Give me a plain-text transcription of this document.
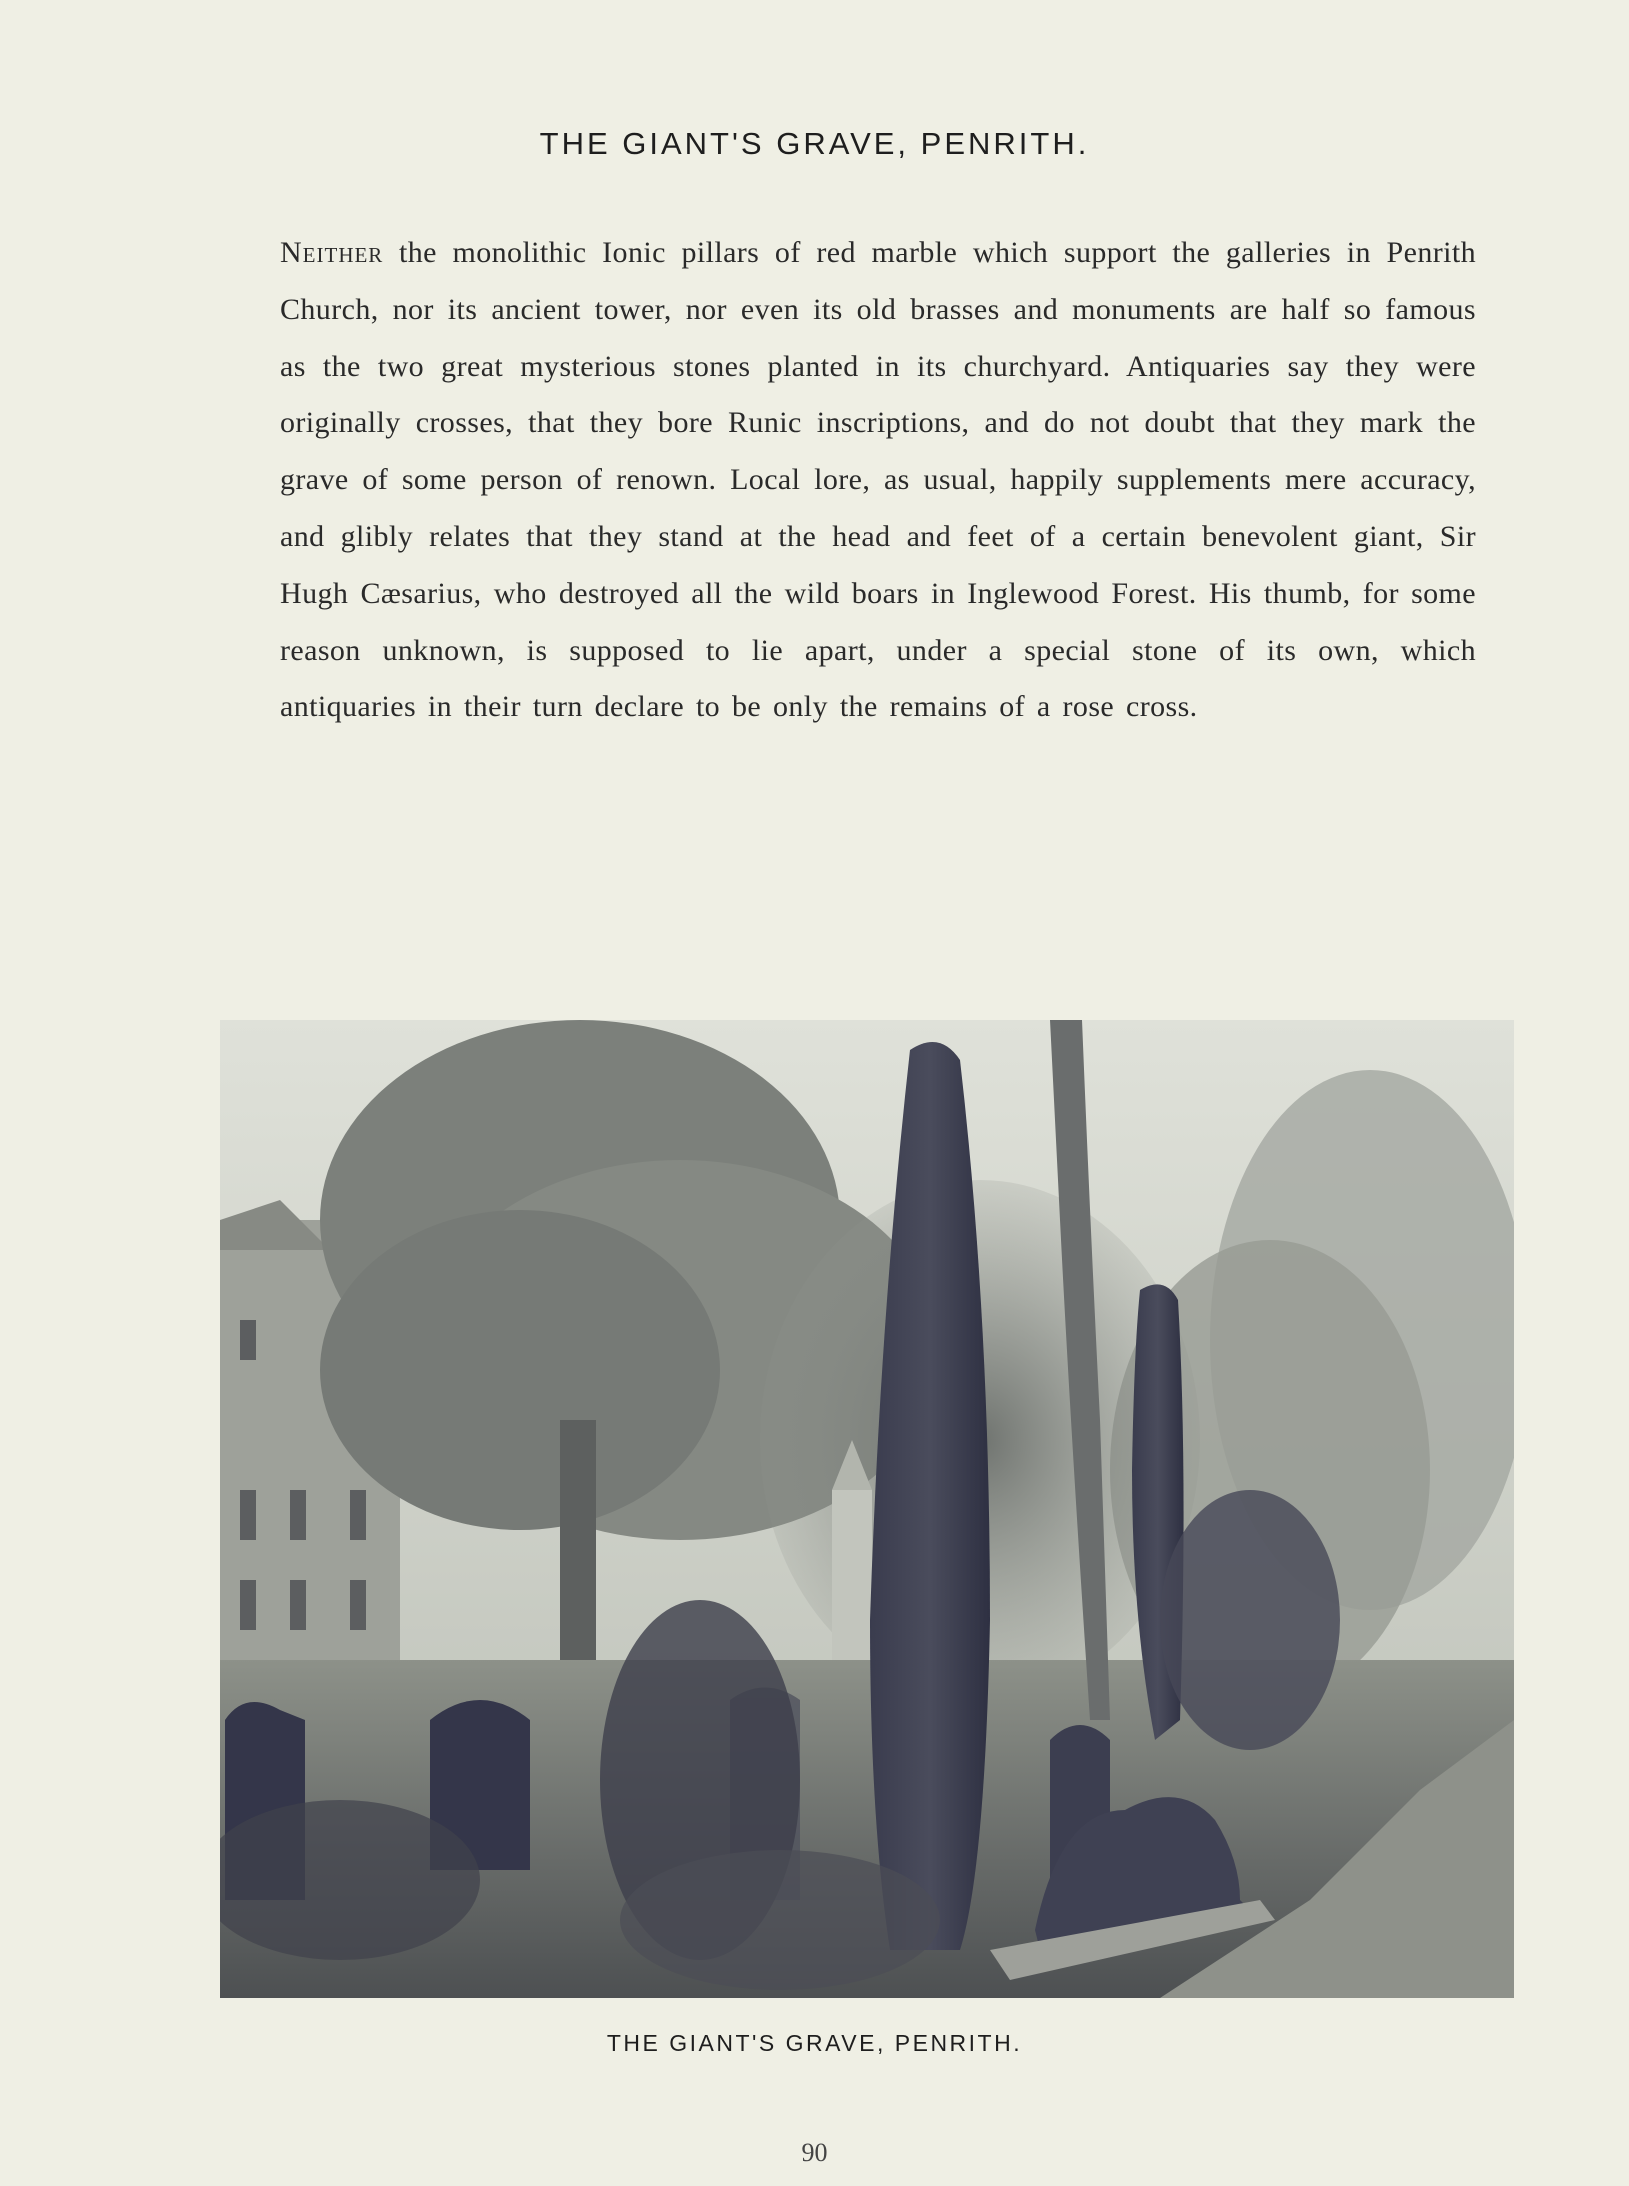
THE GIANT'S GRAVE, PENRITH.
Neither the monolithic Ionic pillars of red marble which support the galleries in Penrith Church, nor its ancient tower, nor even its old brasses and monuments are half so famous as the two great mysterious stones planted in its churchyard. Antiquaries say they were originally crosses, that they bore Runic inscriptions, and do not doubt that they mark the grave of some person of renown. Local lore, as usual, happily supplements mere accuracy, and glibly relates that they stand at the head and feet of a certain benevolent giant, Sir Hugh Cæsarius, who destroyed all the wild boars in Inglewood Forest. His thumb, for some reason unknown, is supposed to lie apart, under a special stone of its own, which antiquaries in their turn declare to be only the remains of a rose cross.
THE GIANT'S GRAVE, PENRITH.
90
